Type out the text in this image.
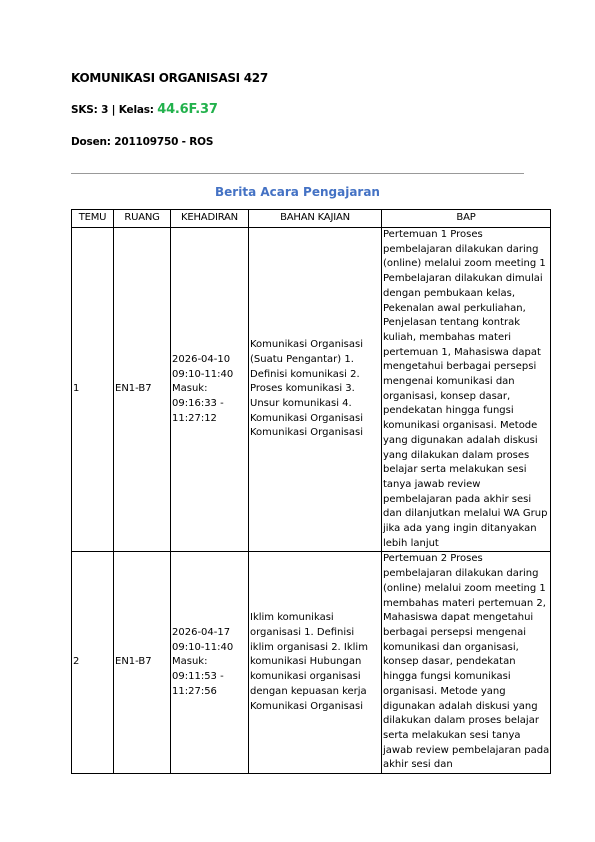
KOMUNIKASI ORGANISASI 427
SKS: 3 | Kelas: 44.6F.37
Dosen: 201109750 - ROS
Berita Acara Pengajaran
TEMU	RUANG	KEHADIRAN	BAHAN KAJIAN	BAP
1	EN1-B7	2026-04-10 09:10-11:40 Masuk: 09:16:33 - 11:27:12	Komunikasi Organisasi (Suatu Pengantar) 1. Definisi komunikasi 2. Proses komunikasi 3. Unsur komunikasi 4. Komunikasi Organisasi Komunikasi Organisasi	Pertemuan 1 Proses pembelajaran dilakukan daring (online) melalui zoom meeting 1 Pembelajaran dilakukan dimulai dengan pembukaan kelas, Pekenalan awal perkuliahan, Penjelasan tentang kontrak kuliah, membahas materi pertemuan 1, Mahasiswa dapat mengetahui berbagai persepsi mengenai komunikasi dan organisasi, konsep dasar, pendekatan hingga fungsi komunikasi organisasi. Metode yang digunakan adalah diskusi yang dilakukan dalam proses belajar serta melakukan sesi tanya jawab review pembelajaran pada akhir sesi dan dilanjutkan melalui WA Grup jika ada yang ingin ditanyakan lebih lanjut
2	EN1-B7	2026-04-17 09:10-11:40 Masuk: 09:11:53 - 11:27:56	Iklim komunikasi organisasi 1. Definisi iklim organisasi 2. Iklim komunikasi Hubungan komunikasi organisasi dengan kepuasan kerja Komunikasi Organisasi	Pertemuan 2 Proses pembelajaran dilakukan daring (online) melalui zoom meeting 1 membahas materi pertemuan 2, Mahasiswa dapat mengetahui berbagai persepsi mengenai komunikasi dan organisasi, konsep dasar, pendekatan hingga fungsi komunikasi organisasi. Metode yang digunakan adalah diskusi yang dilakukan dalam proses belajar serta melakukan sesi tanya jawab review pembelajaran pada akhir sesi dan
